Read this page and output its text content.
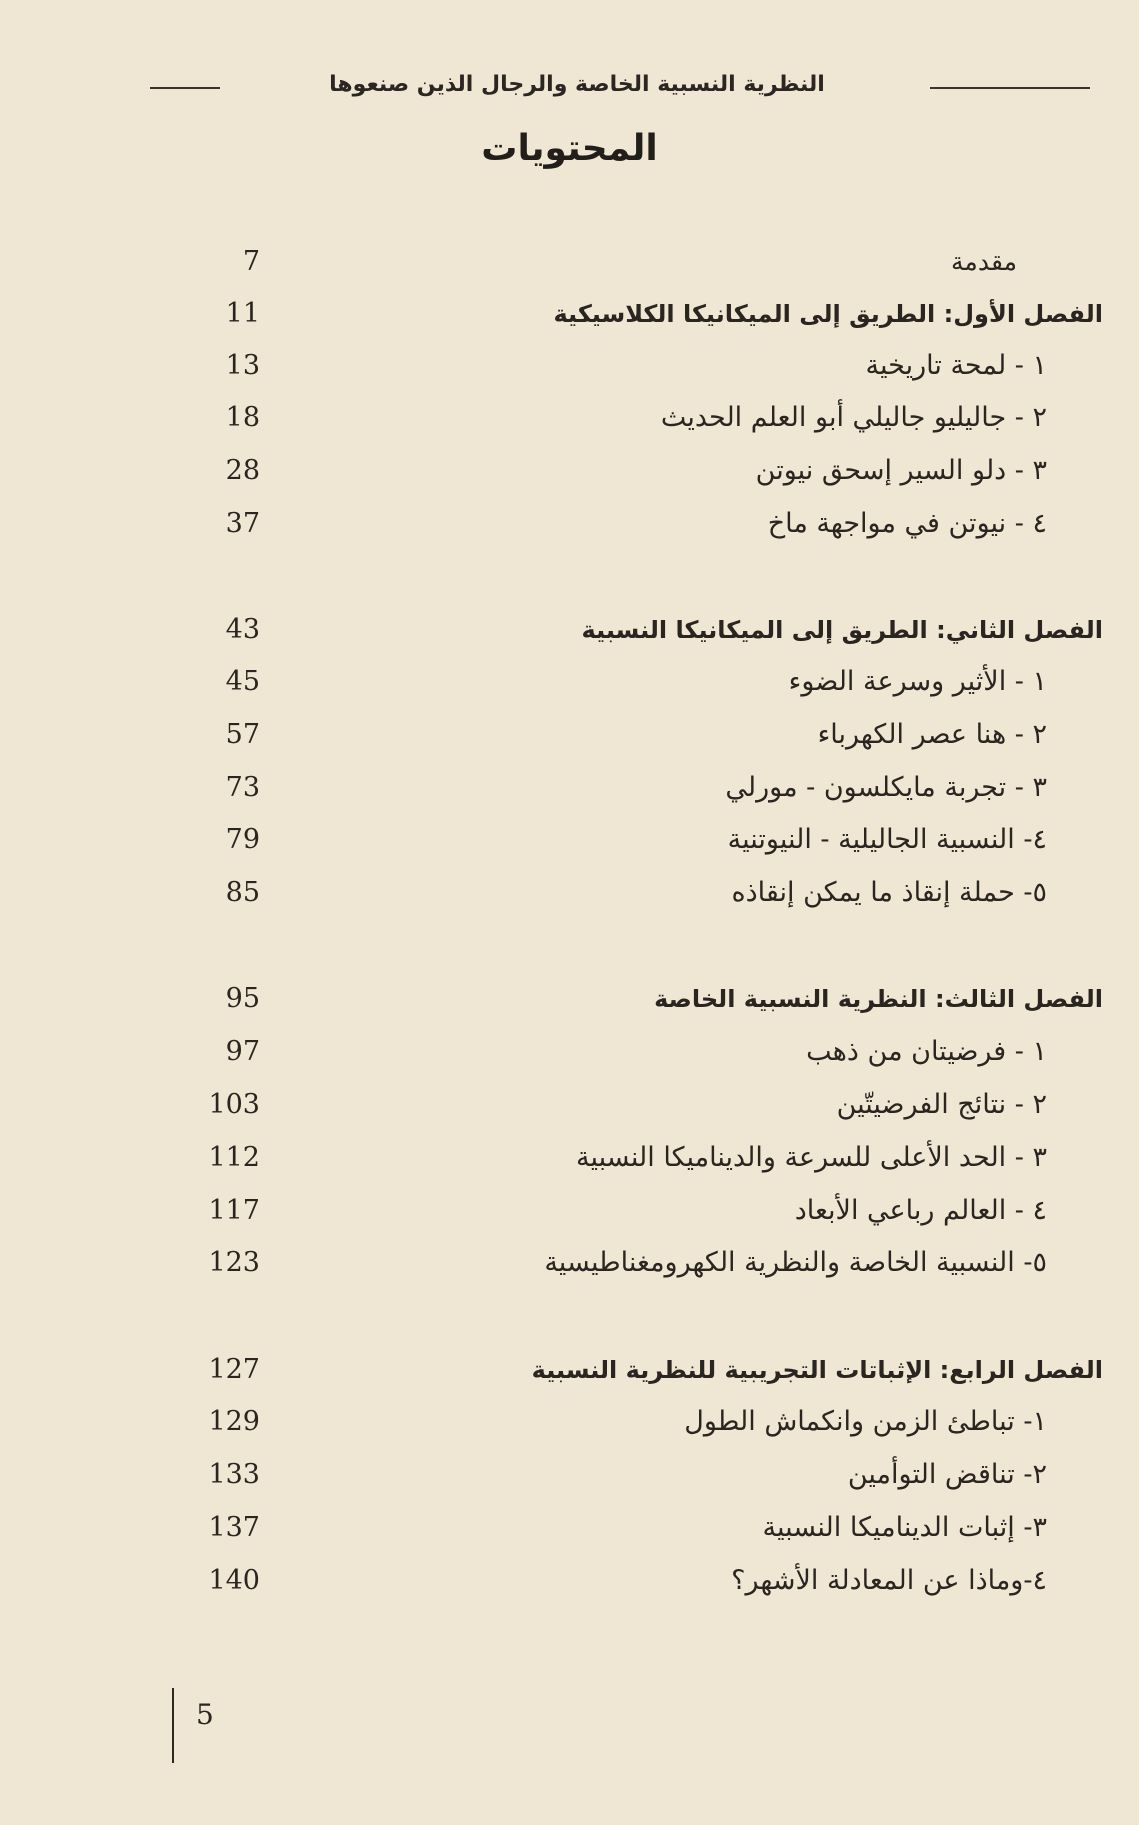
النظرية النسبية الخاصة والرجال الذين صنعوها
المحتويات
مقدمة
7
الفصل الأول: الطريق إلى الميكانيكا الكلاسيكية
11
١ - لمحة تاريخية
13
٢ - جاليليو جاليلي أبو العلم الحديث
18
٣ - دلو السير إسحق نيوتن
28
٤ - نيوتن في مواجهة ماخ
37
الفصل الثاني: الطريق إلى الميكانيكا النسبية
43
١ - الأثير وسرعة الضوء
45
٢ - هنا عصر الكهرباء
57
٣ - تجربة مايكلسون - مورلي
73
٤- النسبية الجاليلية - النيوتنية
79
٥- حملة إنقاذ ما يمكن إنقاذه
85
الفصل الثالث: النظرية النسبية الخاصة
95
١ - فرضيتان من ذهب
97
٢ - نتائج الفرضيتّين
103
٣ - الحد الأعلى للسرعة والديناميكا النسبية
112
٤ - العالم رباعي الأبعاد
117
٥- النسبية الخاصة والنظرية الكهرومغناطيسية
123
الفصل الرابع: الإثباتات التجريبية للنظرية النسبية
127
١- تباطئ الزمن وانكماش الطول
129
٢- تناقض التوأمين
133
٣- إثبات الديناميكا النسبية
137
٤-وماذا عن المعادلة الأشهر؟
140
5
